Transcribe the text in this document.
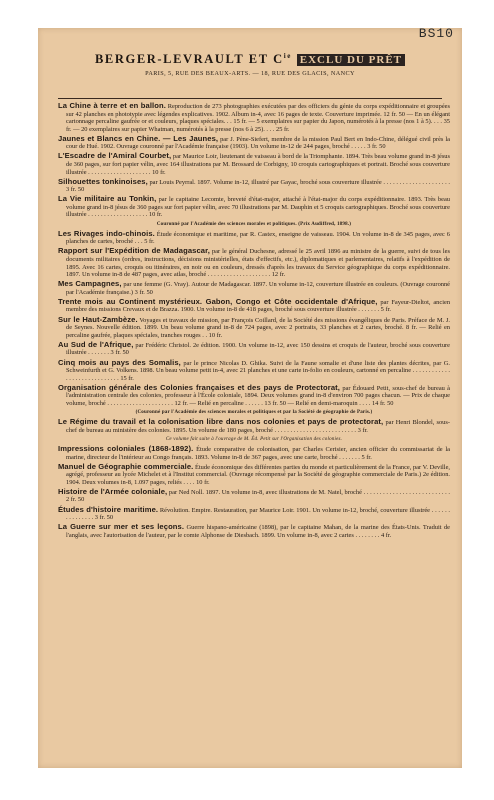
BS10
BERGER-LEVRAULT ET $C^{ie}$ EXCLU DU PRÊT
PARIS, 5, RUE DES BEAUX-ARTS. — 18, RUE DES GLACIS, NANCY
La Chine à terre et en ballon. Reproduction de 273 photographies exécutées par des officiers du génie du corps expéditionnaire et groupées sur 42 planches en phototypie avec légendes explicatives. 1902. Album in-4, avec 16 pages de texte. Couverture imprimée. 12 fr. 50 — En un élégant cartonnage percaline gaufrée or et couleurs, plaques spéciales. . . 15 fr. — 5 exemplaires sur papier du Japon, numérotés à la presse (nos 1 à 5). . . . 35 fr. — 20 exemplaires sur papier Whatman, numérotés à la presse (nos 6 à 25). . . . 25 fr.
Jaunes et Blancs en Chine. — Les Jaunes, par J. Pène-Siefert, membre de la mission Paul Bert en Indo-Chine, délégué civil près la cour de Hué. 1902. Ouvrage couronné par l'Académie française (1903). Un volume in-12 de 244 pages, broché . . . . . 3 fr. 50
L'Escadre de l'Amiral Courbet, par Maurice Loir, lieutenant de vaisseau à bord de la Triomphante. 1894. Très beau volume grand in-8 jésus de 360 pages, sur fort papier vélin, avec 164 illustrations par M. Brossard de Corbigny, 10 croquis cartographiques et portrait. Broché sous couverture illustrée . . . . . . . . . . . . . . . . . . . . 10 fr.
Silhouettes tonkinoises, par Louis Peyrral. 1897. Volume in-12, illustré par Gayac, broché sous couverture illustrée . . . . . . . . . . . . . . . . . . . . . 3 fr. 50
La Vie militaire au Tonkin, par le capitaine Lecomte, breveté d'état-major, attaché à l'état-major du corps expéditionnaire. 1893. Très beau volume grand in-8 jésus de 360 pages sur fort papier vélin, avec 70 illustrations par M. Dauphin et 5 croquis cartographiques. Broché sous couverture illustrée . . . . . . . . . . . . . . . . . . . 10 fr.
Couronné par l'Académie des sciences morales et politiques. (Prix Audiffred, 1898.)
Les Rivages indo-chinois. Étude économique et maritime, par R. Castex, enseigne de vaisseau. 1904. Un volume in-8 de 345 pages, avec 6 planches de cartes, broché . . . 5 fr.
Rapport sur l'Expédition de Madagascar, par le général Duchesne, adressé le 25 avril 1896 au ministre de la guerre, suivi de tous les documents militaires (ordres, instructions, décisions ministérielles, états d'effectifs, etc.), diplomatiques et parlementaires, relatifs à l'expédition de 1895. Avec 16 cartes, croquis ou itinéraires, en noir ou en couleurs, dressés d'après les travaux du Service géographique du corps expéditionnaire. 1897. Un volume in-8 de 487 pages, avec atlas, broché . . . . . . . . . . . . . . . . . . . . 12 fr.
Mes Campagnes, par une femme (G. Vray). Autour de Madagascar. 1897. Un volume in-12, couverture illustrée en couleurs. (Ouvrage couronné par l'Académie française.) 3 fr. 50
Trente mois au Continent mystérieux. Gabon, Congo et Côte occidentale d'Afrique, par Fayeur-Dieltot, ancien membre des missions Crevaux et de Brazza. 1900. Un volume in-8 de 418 pages, broché sous couverture illustrée . . . . . . . 5 fr.
Sur le Haut-Zambèze. Voyages et travaux de mission, par François Coillard, de la Société des missions évangéliques de Paris. Préface de M. J. de Seynes. Nouvelle édition. 1899. Un beau volume grand in-8 de 724 pages, avec 2 portraits, 33 planches et 2 cartes, broché. 8 fr. — Relié en percaline gaufrée, plaques spéciales, tranches rouges . . 10 fr.
Au Sud de l'Afrique, par Frédéric Christol. 2e édition. 1900. Un volume in-12, avec 150 dessins et croquis de l'auteur, broché sous couverture illustrée . . . . . . . 3 fr. 50
Cinq mois au pays des Somalis, par le prince Nicolas D. Ghika. Suivi de la Faune somalie et d'une liste des plantes décrites, par G. Schweinfurth et G. Volkens. 1898. Un beau volume petit in-4, avec 21 planches et une carte in-folio en couleurs, cartonné en percaline . . . . . . . . . . . . . . . . . . . . . . . . . . . . . 15 fr.
Organisation générale des Colonies françaises et des pays de Protectorat, par Édouard Petit, sous-chef de bureau à l'administration centrale des colonies, professeur à l'École coloniale, 1894. Deux volumes grand in-8 d'environ 700 pages chacun. — Prix de chaque volume, broché . . . . . . . . . . . . . . . . . . . . . 12 fr. — Relié en percaline . . . . . . 13 fr. 50 — Relié en demi-maroquin . . . . 14 fr. 50
(Couronné par l'Académie des sciences morales et politiques et par la Société de géographie de Paris.)
Le Régime du travail et la colonisation libre dans nos colonies et pays de protectorat, par Henri Blondel, sous-chef de bureau au ministère des colonies. 1895. Un volume de 180 pages, broché . . . . . . . . . . . . . . . . . . . . . . . . . . 3 fr.
Ce volume fait suite à l'ouvrage de M. Éd. Petit sur l'Organisation des colonies.
Impressions coloniales (1868-1892). Étude comparative de colonisation, par Charles Cerisier, ancien officier du commissariat de la marine, directeur de l'intérieur au Congo français. 1893. Volume in-8 de 367 pages, avec une carte, broché . . . . . . . 5 fr.
Manuel de Géographie commerciale. Étude économique des différentes parties du monde et particulièrement de la France, par V. Deville, agrégé, professeur au lycée Michelet et à l'Institut commercial. (Ouvrage récompensé par la Société de géographie commerciale de Paris.) 2e édition. 1904. Deux volumes in-8, 1.097 pages, reliés . . . . 10 fr.
Histoire de l'Armée coloniale, par Ned Noll. 1897. Un volume in-8, avec illustrations de M. Natel, broché . . . . . . . . . . . . . . . . . . . . . . . . . . . 2 fr. 50
Études d'histoire maritime. Révolution. Empire. Restauration, par Maurice Loir. 1901. Un volume in-12, broché, couverture illustrée . . . . . . . . . . . . . . . 3 fr. 50
La Guerre sur mer et ses leçons. Guerre hispano-américaine (1898), par le capitaine Mahan, de la marine des États-Unis. Traduit de l'anglais, avec l'autorisation de l'auteur, par le comte Alphonse de Diesbach. 1899. Un volume in-8, avec 2 cartes . . . . . . . . 4 fr.
